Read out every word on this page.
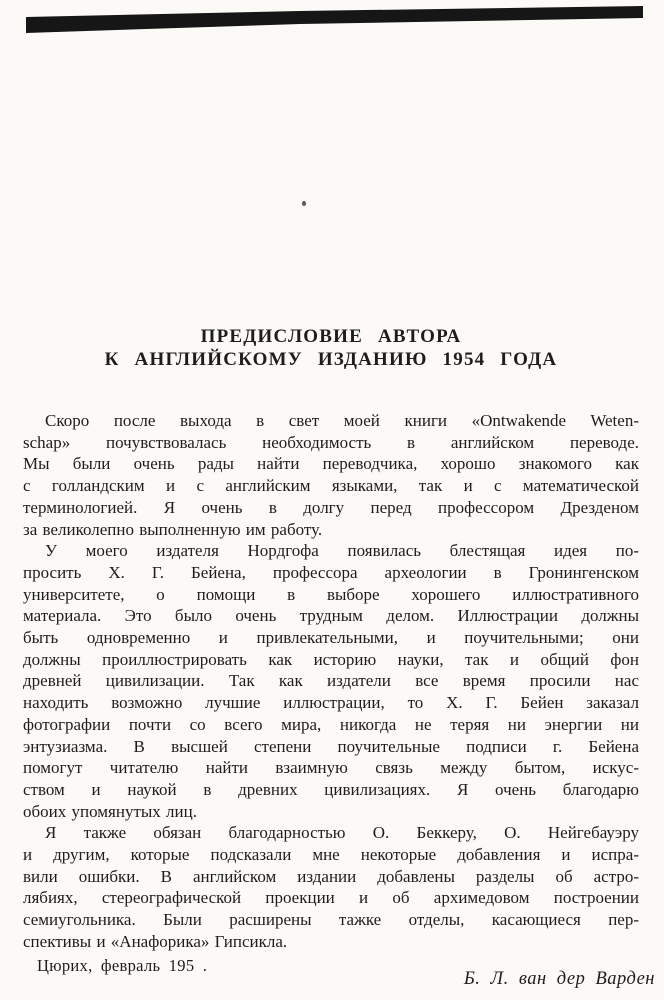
ПРЕДИСЛОВИЕ АВТОРА
К АНГЛИЙСКОМУ ИЗДАНИЮ 1954 ГОДА
Скоро после выхода в свет моей книги «Ontwakende Weten-
schap» почувствовалась необходимость в английском переводе.
Мы были очень рады найти переводчика, хорошо знакомого как
с голландским и с английским языками, так и с математической
терминологией. Я очень в долгу перед профессором Дрезденом
за великолепно выполненную им работу.
У моего издателя Нордгофа появилась блестящая идея по-
просить Х. Г. Бейена, профессора археологии в Гронингенском
университете, о помощи в выборе хорошего иллюстративного
материала. Это было очень трудным делом. Иллюстрации должны
быть одновременно и привлекательными, и поучительными; они
должны проиллюстрировать как историю науки, так и общий фон
древней цивилизации. Так как издатели все время просили нас
находить возможно лучшие иллюстрации, то Х. Г. Бейен заказал
фотографии почти со всего мира, никогда не теряя ни энергии ни
энтузиазма. В высшей степени поучительные подписи г. Бейена
помогут читателю найти взаимную связь между бытом, искус-
ством и наукой в древних цивилизациях. Я очень благодарю
обоих упомянутых лиц.
Я также обязан благодарностью О. Беккеру, О. Нейгебауэру
и другим, которые подсказали мне некоторые добавления и испра-
вили ошибки. В английском издании добавлены разделы об астро-
лябиях, стереографической проекции и об архимедовом построении
семиугольника. Были расширены тажке отделы, касающиеся пер-
спективы и «Анафорика» Гипсикла.
Цюрих, февраль 195 .
Б. Л. ван дер Варден
